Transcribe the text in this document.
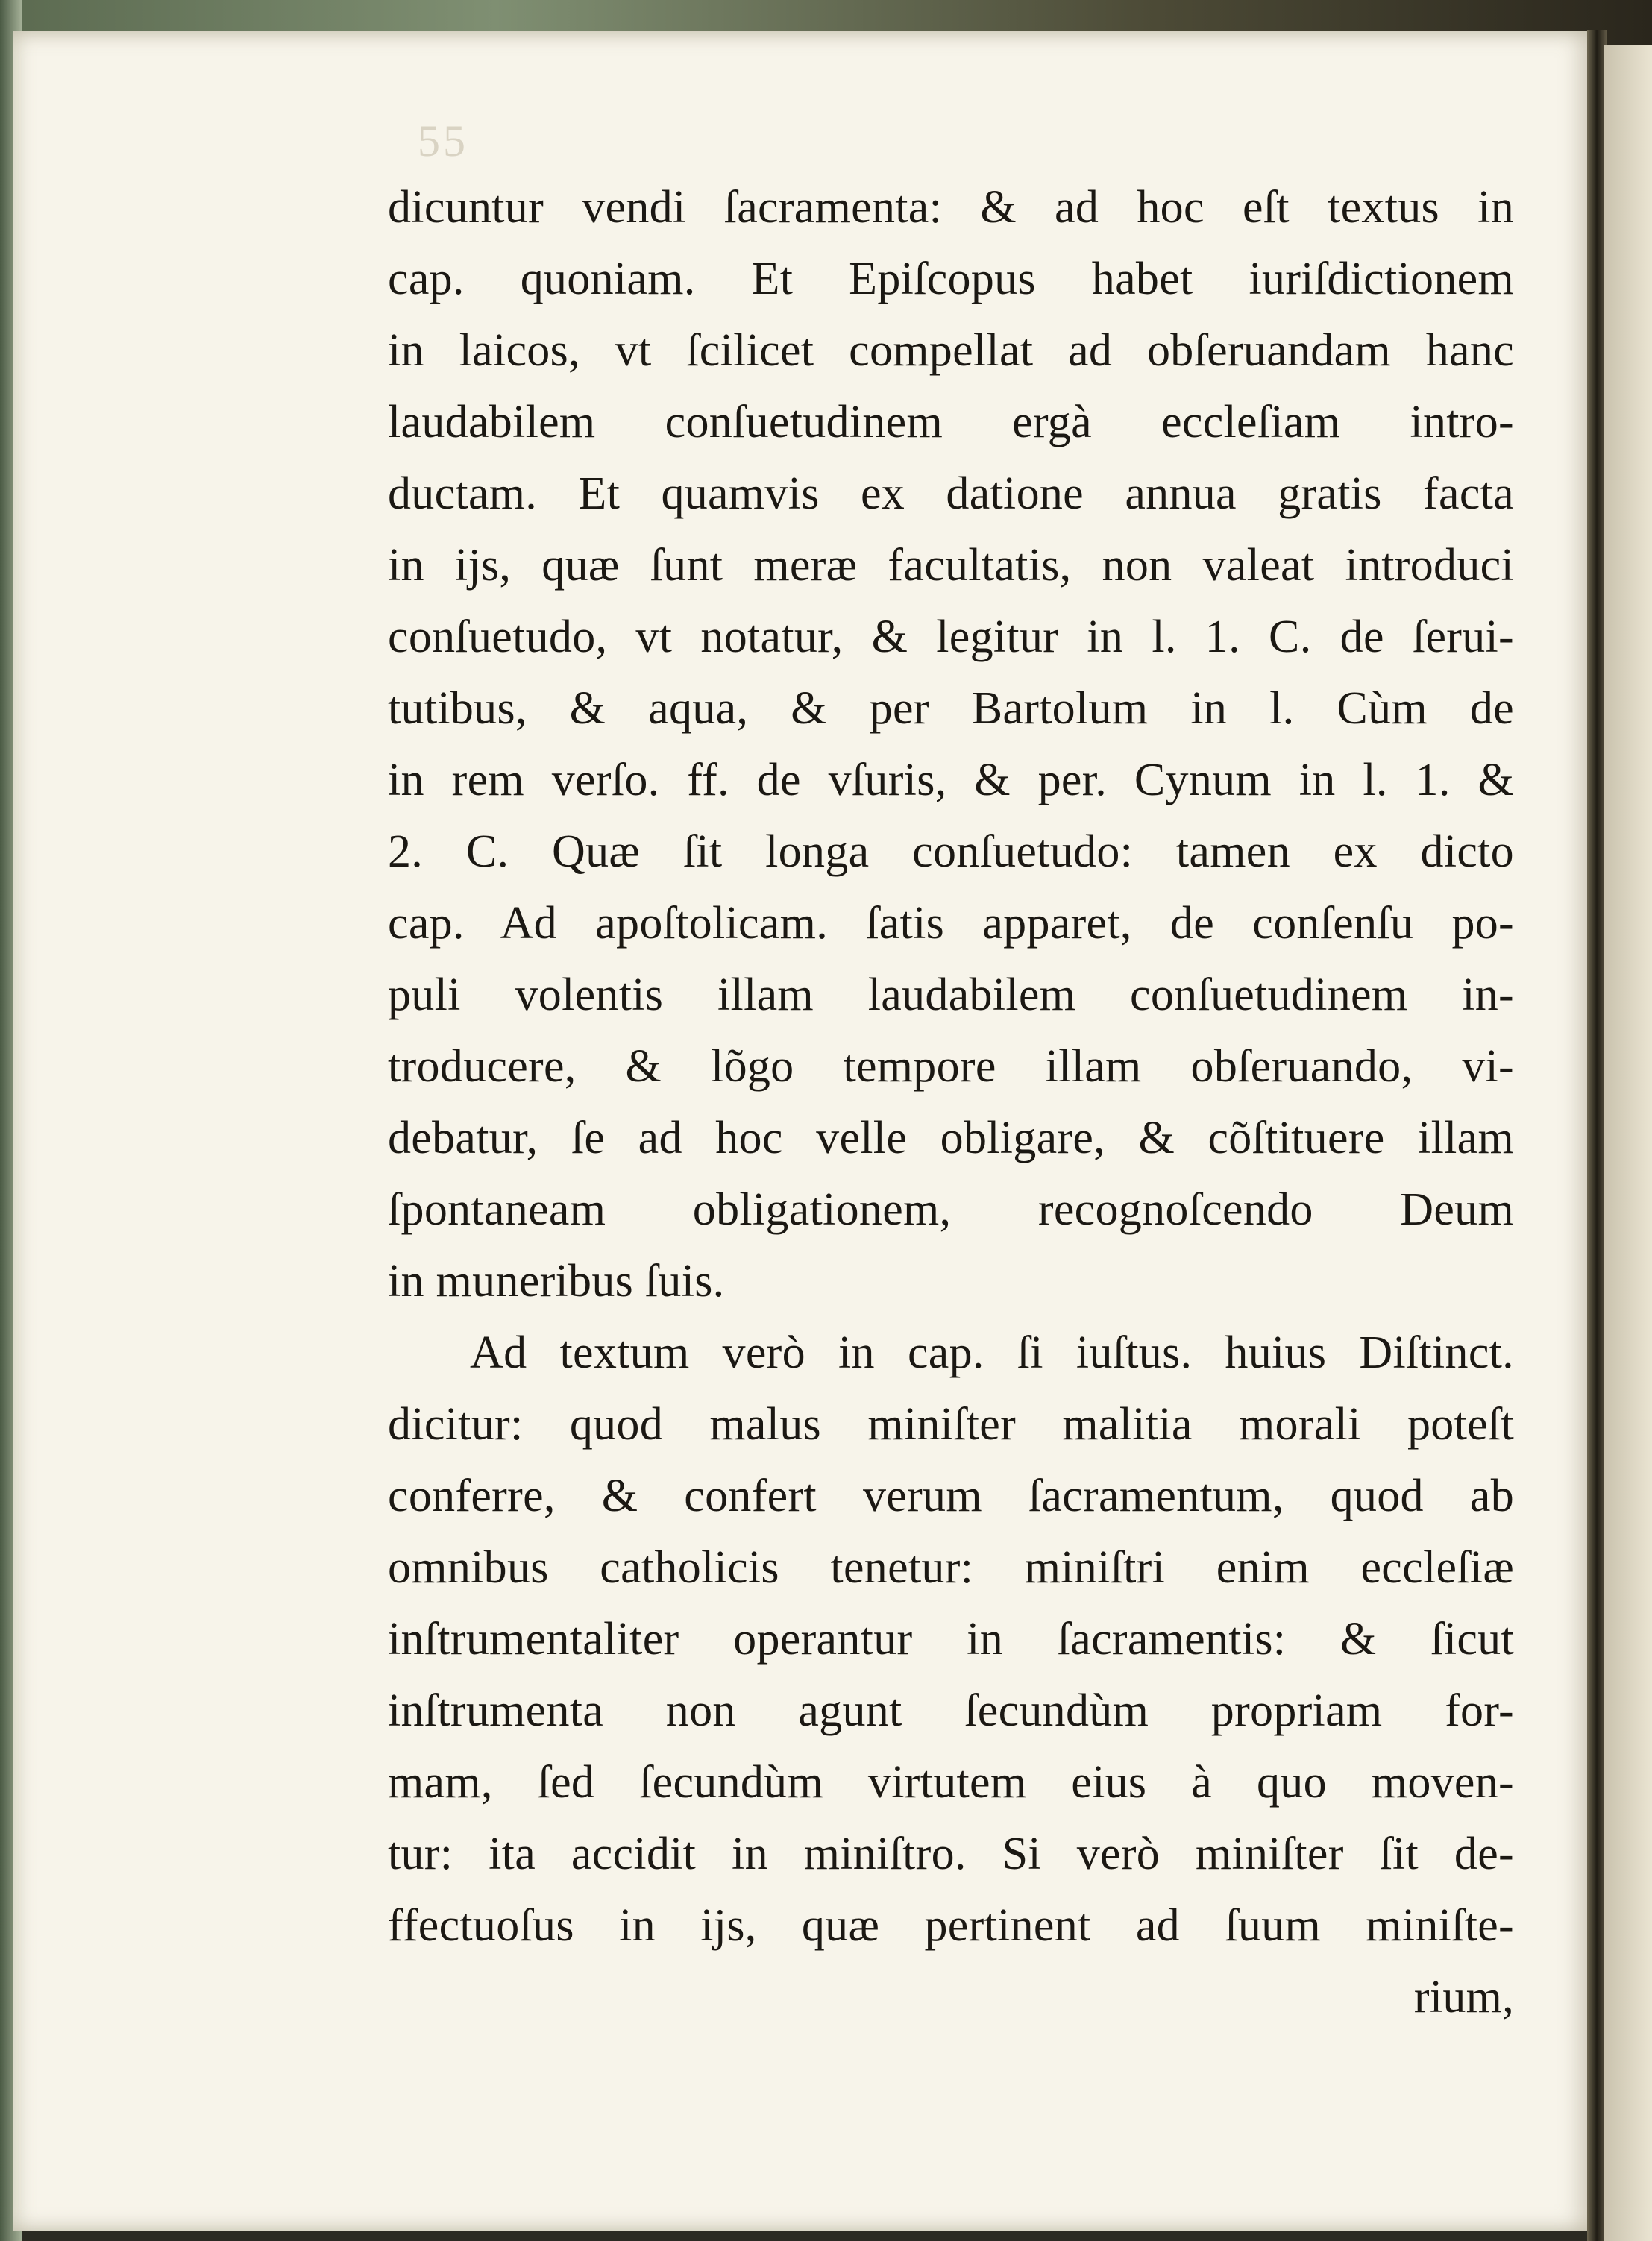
55
dicuntur vendi ſacramenta: & ad hoc eſt textus in
cap. quoniam. Et Epiſcopus habet iuriſdictionem
in laicos, vt ſcilicet compellat ad obſeruandam hanc
laudabilem conſuetudinem ergà eccleſiam intro-
ductam. Et quamvis ex datione annua gratis facta
in ijs, quæ ſunt meræ facultatis, non valeat introduci
conſuetudo, vt notatur, & legitur in l. 1. C. de ſerui-
tutibus, & aqua, & per Bartolum in l. Cùm de
in rem verſo. ff. de vſuris, & per. Cynum in l. 1. &
2. C. Quæ ſit longa conſuetudo: tamen ex dicto
cap. Ad apoſtolicam. ſatis apparet, de conſenſu po-
puli volentis illam laudabilem conſuetudinem in-
troducere, & lõgo tempore illam obſeruando, vi-
debatur, ſe ad hoc velle obligare, & cõſtituere illam
ſpontaneam obligationem, recognoſcendo Deum
in muneribus ſuis.
Ad textum verò in cap. ſi iuſtus. huius Diſtinct.
dicitur: quod malus miniſter malitia morali poteſt
conferre, & confert verum ſacramentum, quod ab
omnibus catholicis tenetur: miniſtri enim eccleſiæ
inſtrumentaliter operantur in ſacramentis: & ſicut
inſtrumenta non agunt ſecundùm propriam for-
mam, ſed ſecundùm virtutem eius à quo moven-
tur: ita accidit in miniſtro. Si verò miniſter ſit de-
ffectuoſus in ijs, quæ pertinent ad ſuum miniſte-
rium,
